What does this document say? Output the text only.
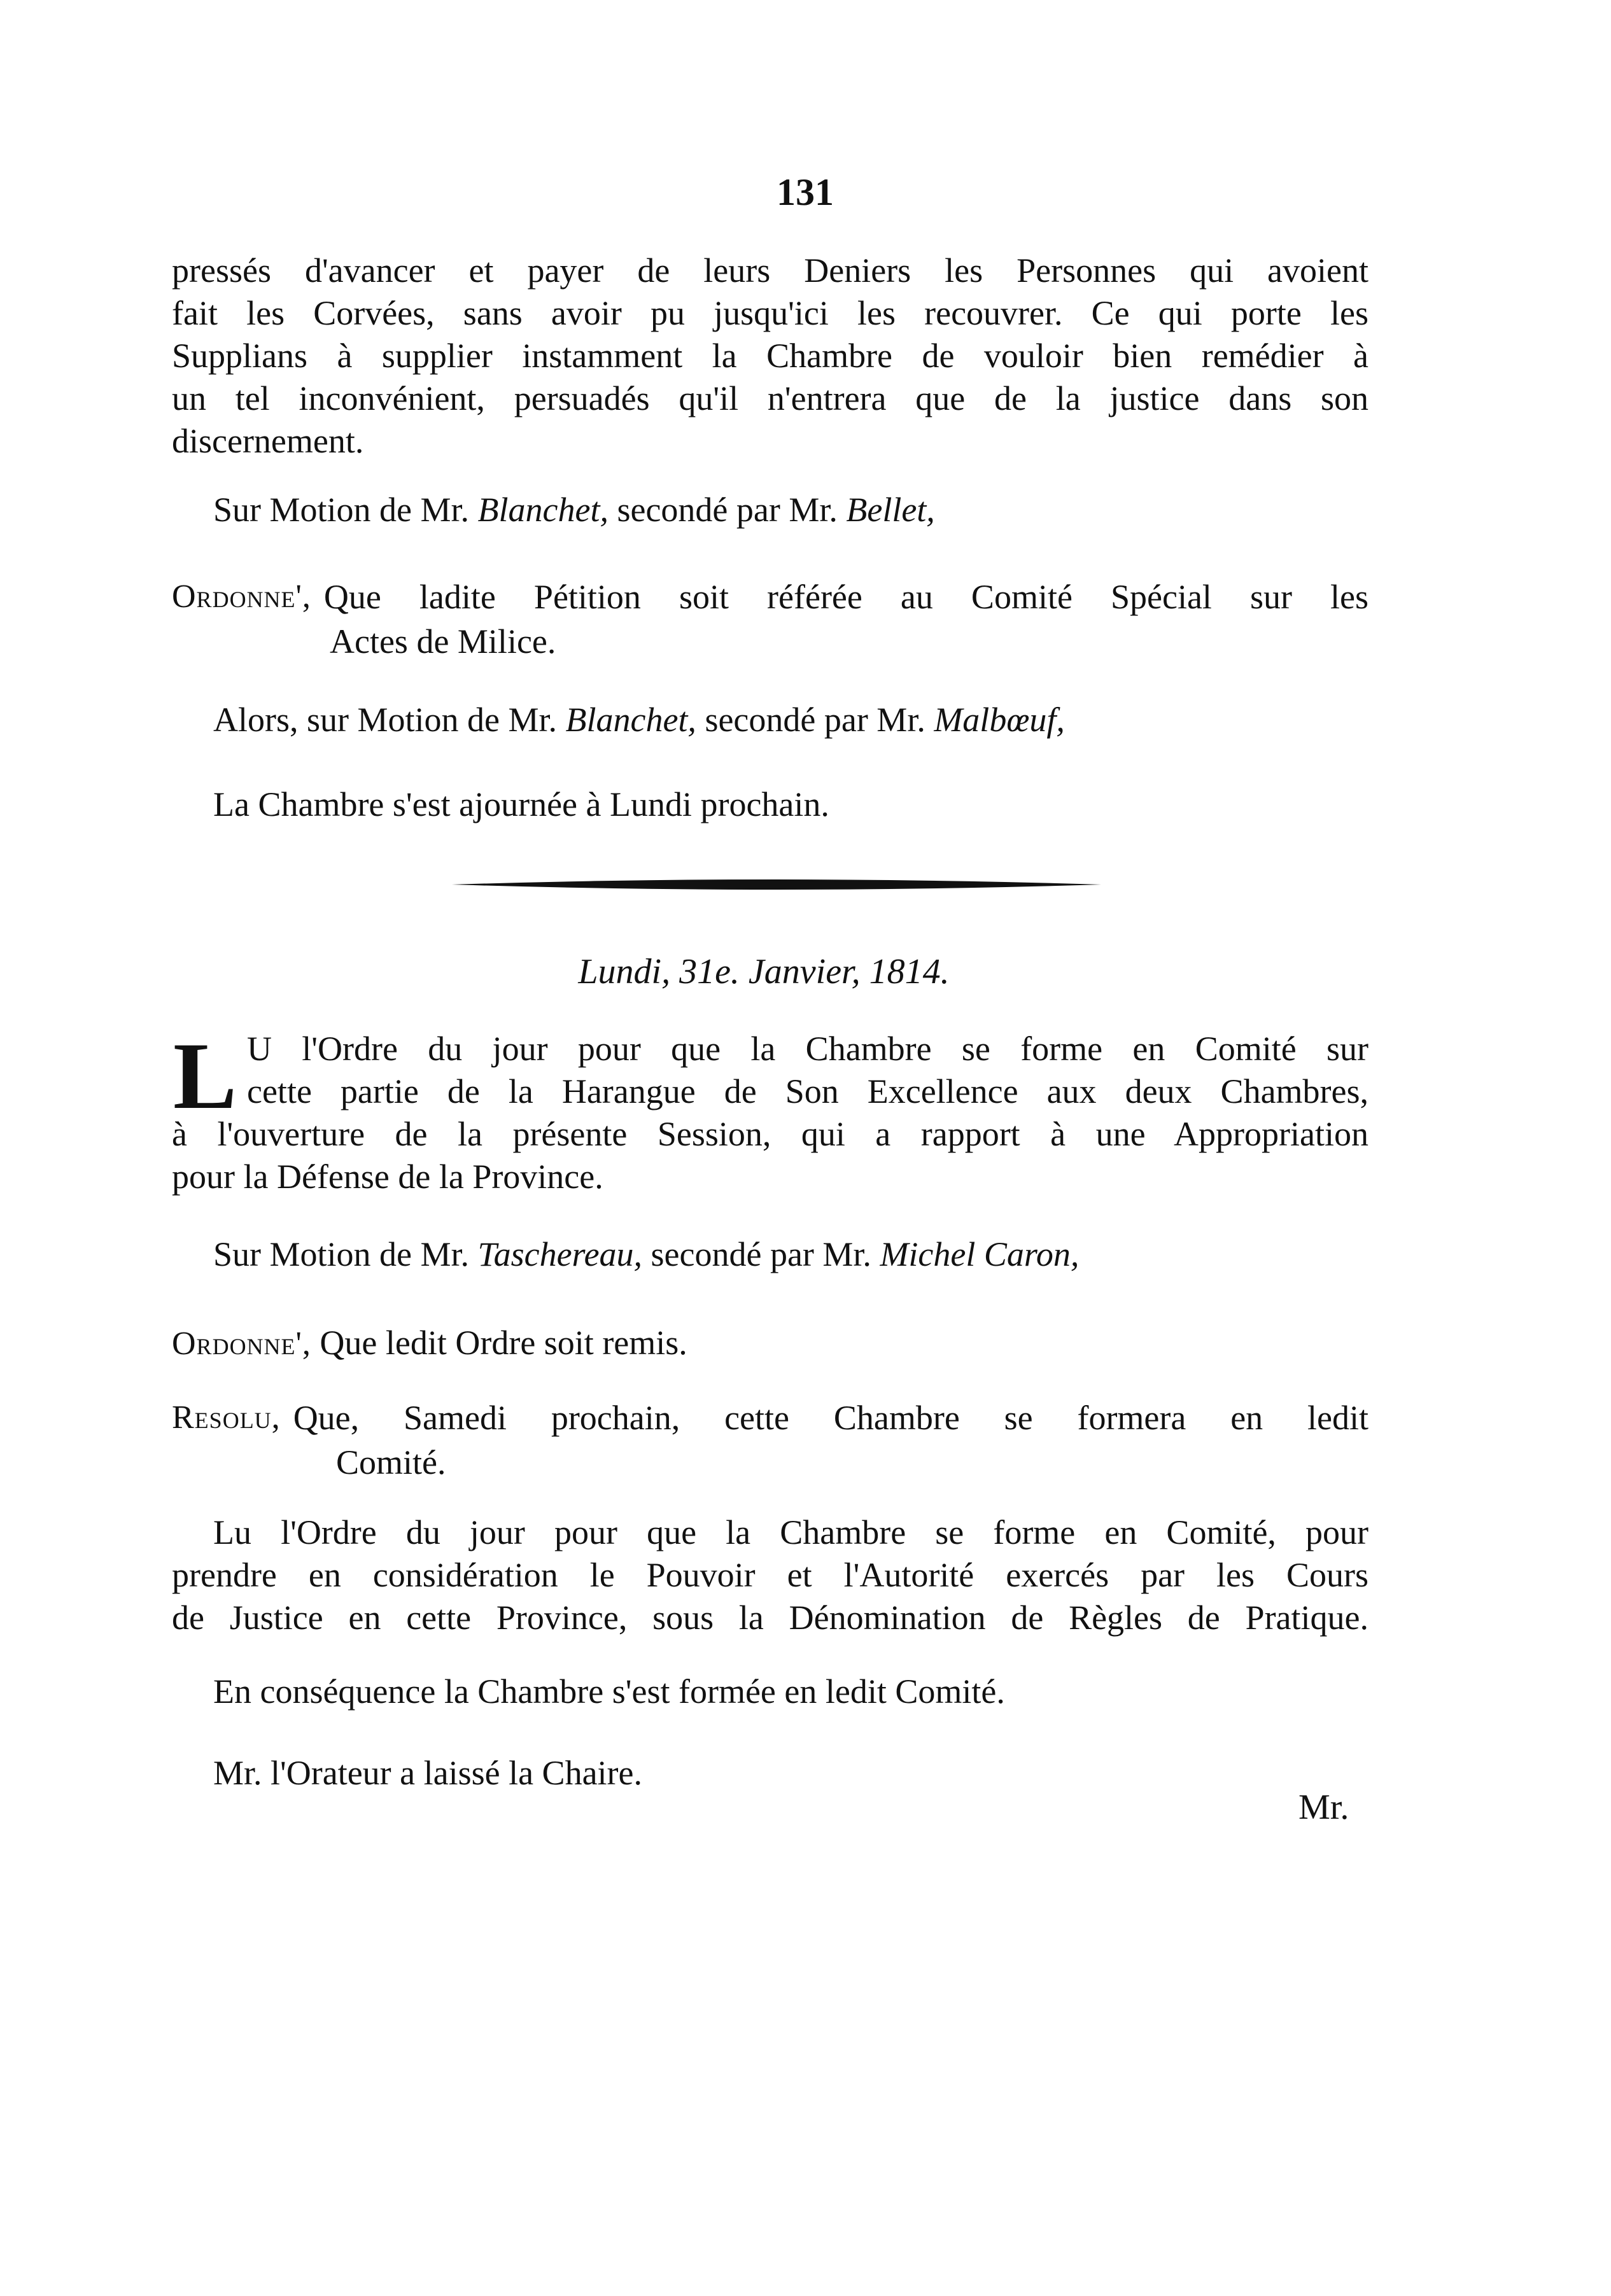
131
pressés d'avancer et payer de leurs Deniers les Personnes qui avoient
fait les Corvées, sans avoir pu jusqu'ici les recouvrer. Ce qui porte les
Supplians à supplier instamment la Chambre de vouloir bien remédier à
un tel inconvénient, persuadés qu'il n'entrera que de la justice dans son
discernement.
Sur Motion de Mr. Blanchet, secondé par Mr. Bellet,
Ordonne', Que ladite Pétition soit référée au Comité Spécial sur les
Actes de Milice.
Alors, sur Motion de Mr. Blanchet, secondé par Mr. Malbœuf,
La Chambre s'est ajournée à Lundi prochain.
Lundi, 31e. Janvier, 1814.
L U l'Ordre du jour pour que la Chambre se forme en Comité sur
cette partie de la Harangue de Son Excellence aux deux Chambres,
à l'ouverture de la présente Session, qui a rapport à une Appropriation
pour la Défense de la Province.
Sur Motion de Mr. Taschereau, secondé par Mr. Michel Caron,
Ordonne', Que ledit Ordre soit remis.
Resolu, Que, Samedi prochain, cette Chambre se formera en ledit
Comité.
Lu l'Ordre du jour pour que la Chambre se forme en Comité, pour
prendre en considération le Pouvoir et l'Autorité exercés par les Cours
de Justice en cette Province, sous la Dénomination de Règles de Pratique.
En conséquence la Chambre s'est formée en ledit Comité.
Mr. l'Orateur a laissé la Chaire.
Mr.
